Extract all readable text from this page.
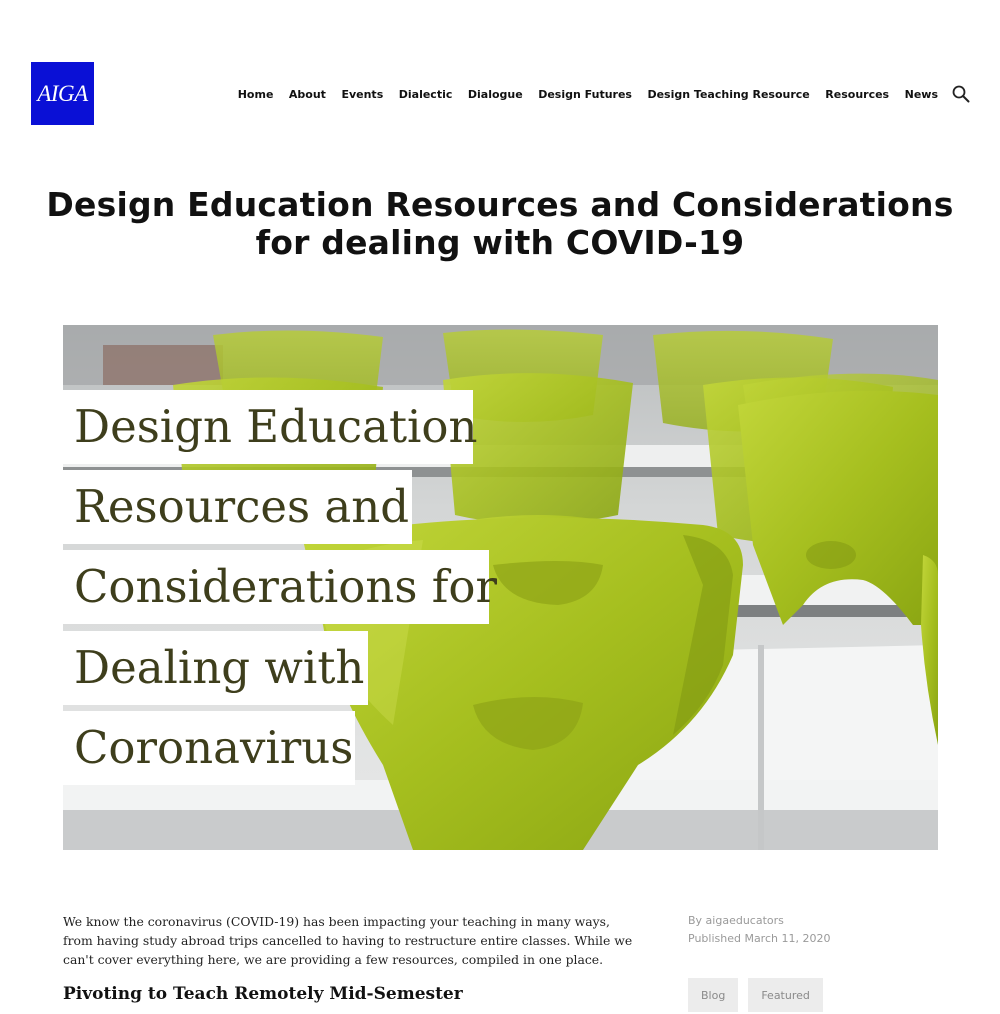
AIGA	Home About Events Dialectic Dialogue Design Futures Design Teaching Resource Resources News
Design Education Resources and Considerations for dealing with COVID-19
Design Education
Resources and
Considerations for
Dealing with
Coronavirus

We know the coronavirus (COVID-19) has been impacting your teaching in many ways, from having study abroad trips cancelled to having to restructure entire classes. While we can't cover everything here, we are providing a few resources, compiled in one place.

Pivoting to Teach Remotely Mid-Semester
By aigaeducators
Published March 11, 2020
Blog	Featured
